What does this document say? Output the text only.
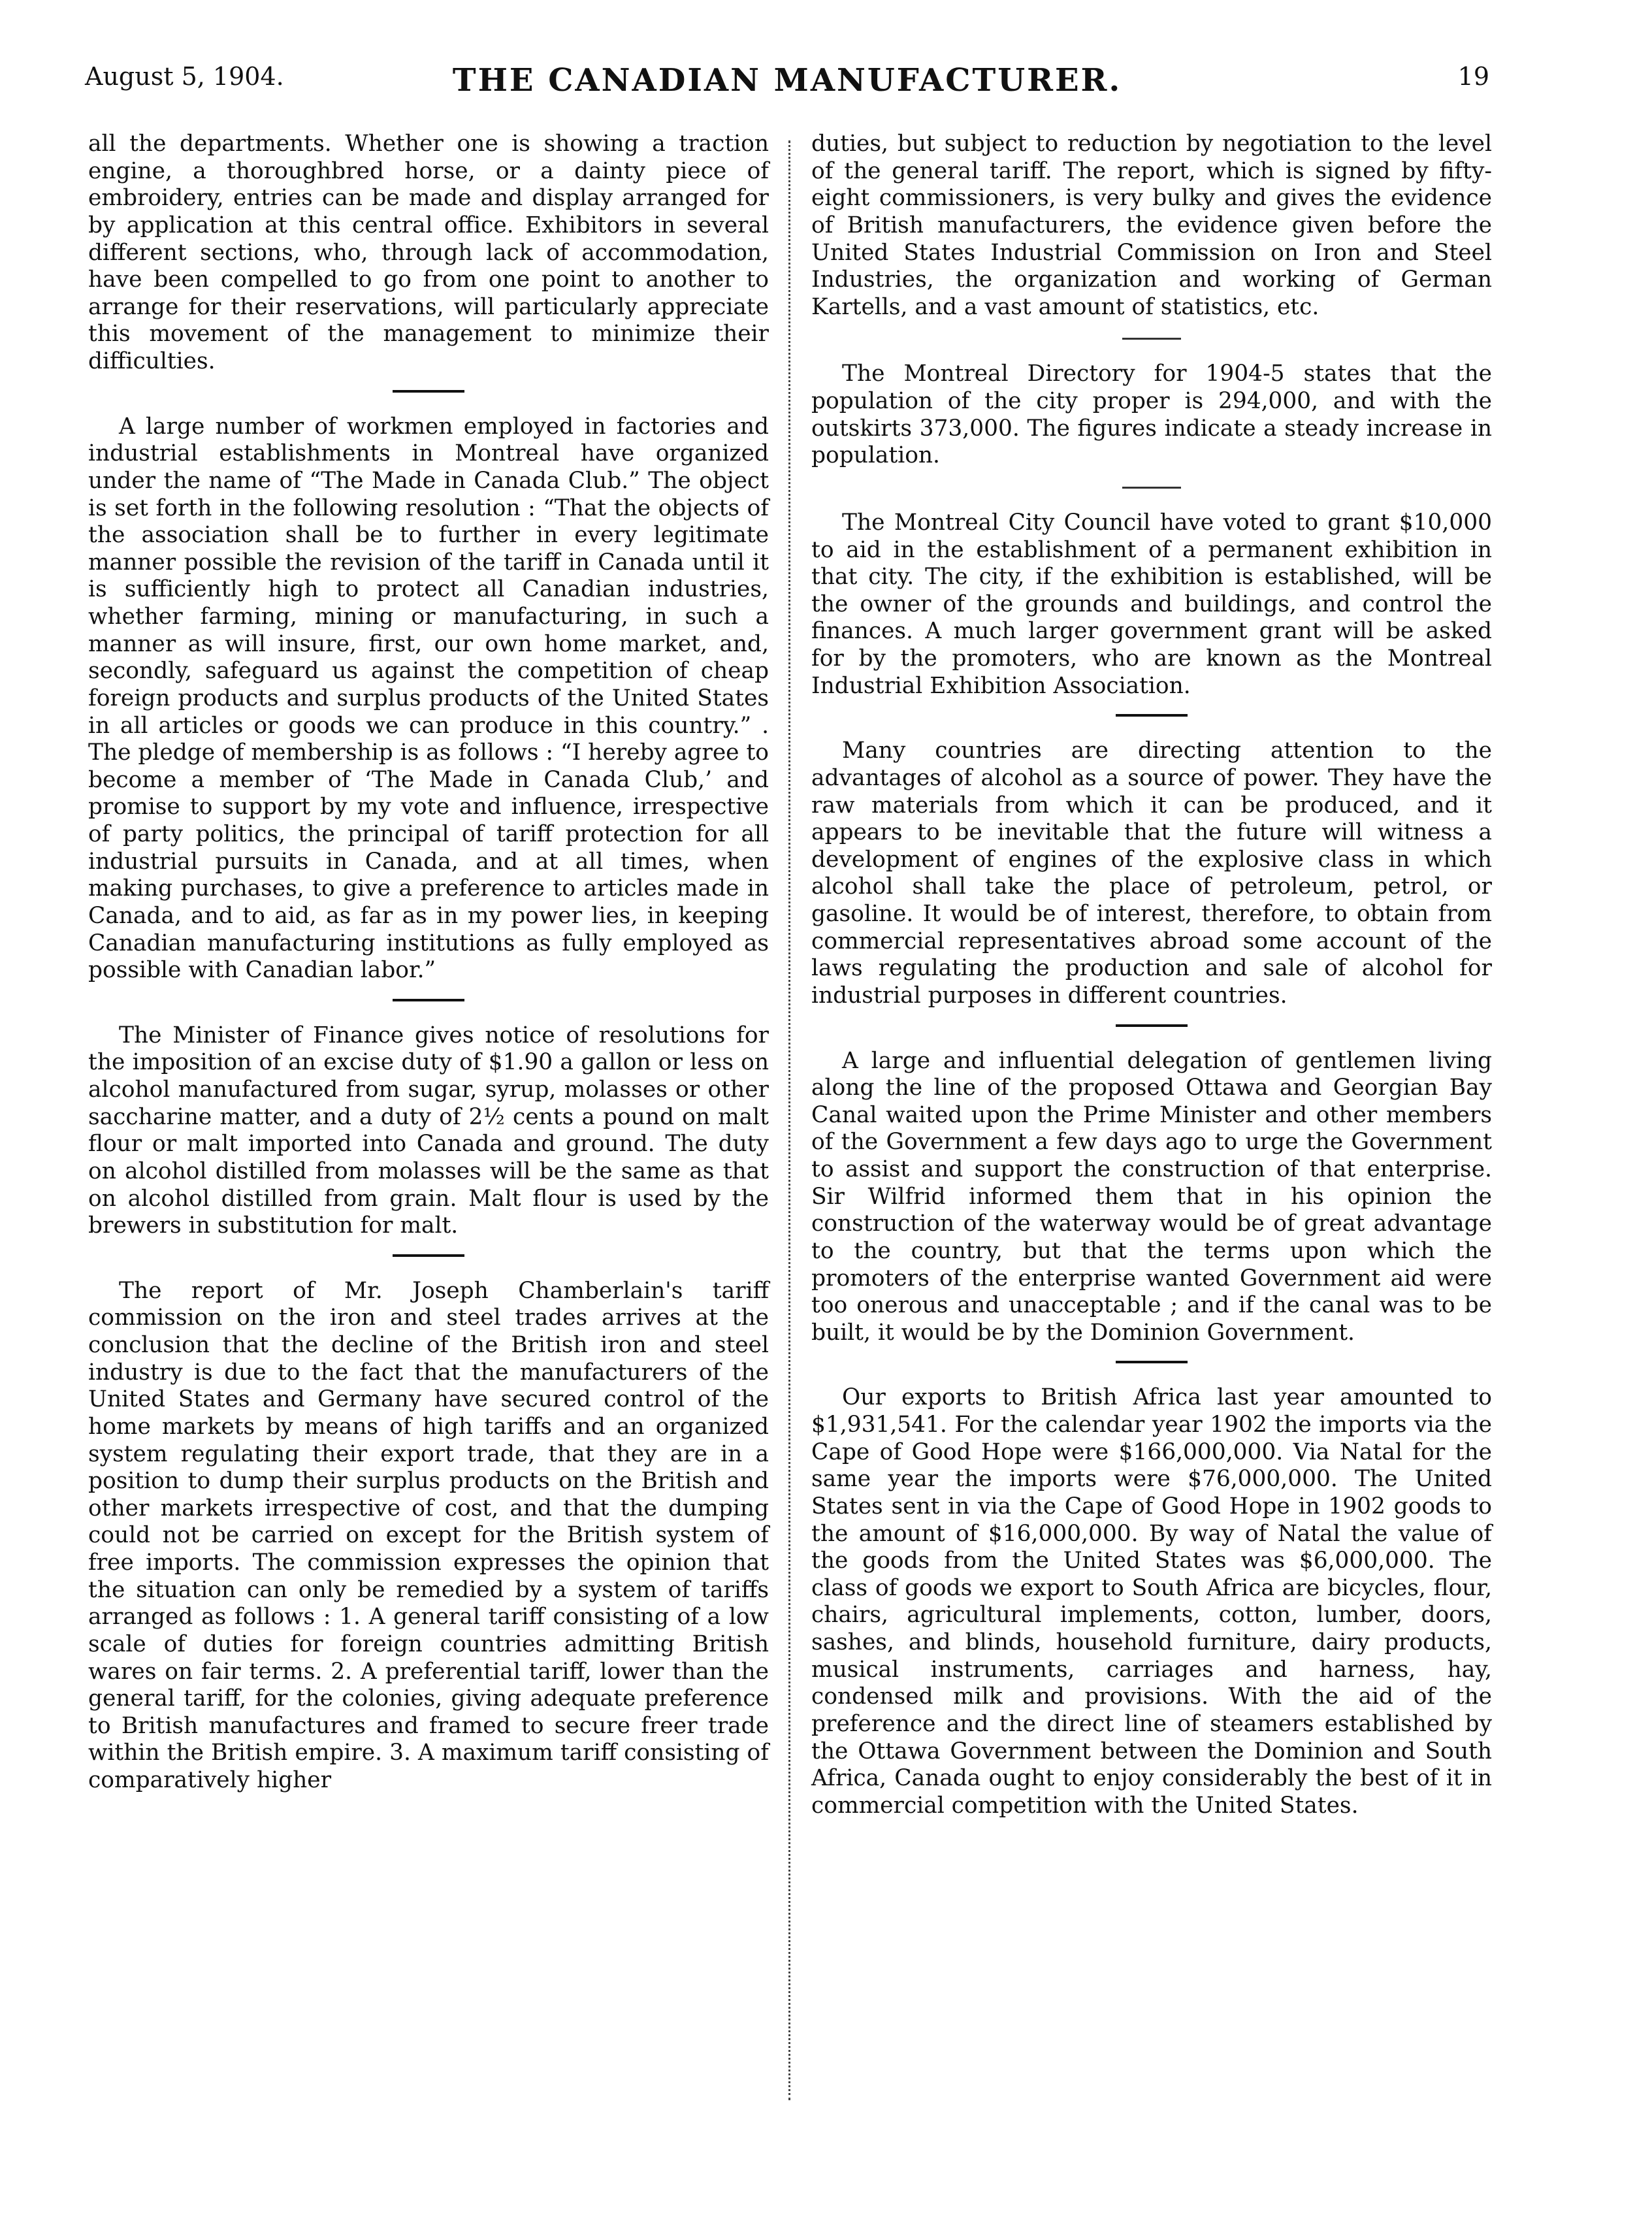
August 5, 1904.	THE CANADIAN MANUFACTURER.	19

all the departments. Whether one is showing a traction engine, a thoroughbred horse, or a dainty piece of embroidery, entries can be made and display arranged for by application at this central office. Exhibitors in several different sections, who, through lack of accommodation, have been compelled to go from one point to another to arrange for their reservations, will particularly appreciate this movement of the management to minimize their difficulties.

A large number of workmen employed in factories and industrial establishments in Montreal have organized under the name of “The Made in Canada Club.” The object is set forth in the following resolution : “That the objects of the association shall be to further in every legitimate manner possible the revision of the tariff in Canada until it is sufficiently high to protect all Canadian industries, whether farming, mining or manufacturing, in such a manner as will insure, first, our own home market, and, secondly, safeguard us against the competition of cheap foreign products and surplus products of the United States in all articles or goods we can produce in this country.” . The pledge of membership is as follows : “I hereby agree to become a member of ‘The Made in Canada Club,’ and promise to support by my vote and influence, irrespective of party politics, the principal of tariff protection for all industrial pursuits in Canada, and at all times, when making purchases, to give a preference to articles made in Canada, and to aid, as far as in my power lies, in keeping Canadian manufacturing institutions as fully employed as possible with Canadian labor.”

The Minister of Finance gives notice of resolutions for the imposition of an excise duty of $1.90 a gallon or less on alcohol manufactured from sugar, syrup, molasses or other saccharine matter, and a duty of 2½ cents a pound on malt flour or malt imported into Canada and ground. The duty on alcohol distilled from molasses will be the same as that on alcohol distilled from grain. Malt flour is used by the brewers in substitution for malt.

The report of Mr. Joseph Chamberlain's tariff commission on the iron and steel trades arrives at the conclusion that the decline of the British iron and steel industry is due to the fact that the manufacturers of the United States and Germany have secured control of the home markets by means of high tariffs and an organized system regulating their export trade, that they are in a position to dump their surplus products on the British and other markets irrespective of cost, and that the dumping could not be carried on except for the British system of free imports. The commission expresses the opinion that the situation can only be remedied by a system of tariffs arranged as follows : 1. A general tariff consisting of a low scale of duties for foreign countries admitting British wares on fair terms. 2. A preferential tariff, lower than the general tariff, for the colonies, giving adequate preference to British manufactures and framed to secure freer trade within the British empire. 3. A maximum tariff consisting of comparatively higher

duties, but subject to reduction by negotiation to the level of the general tariff. The report, which is signed by fifty-eight commissioners, is very bulky and gives the evidence of British manufacturers, the evidence given before the United States Industrial Commission on Iron and Steel Industries, the organization and working of German Kartells, and a vast amount of statistics, etc.

The Montreal Directory for 1904-5 states that the population of the city proper is 294,000, and with the outskirts 373,000. The figures indicate a steady increase in population.

The Montreal City Council have voted to grant $10,000 to aid in the establishment of a permanent exhibition in that city. The city, if the exhibition is established, will be the owner of the grounds and buildings, and control the finances. A much larger government grant will be asked for by the promoters, who are known as the Montreal Industrial Exhibition Association.

Many countries are directing attention to the advantages of alcohol as a source of power. They have the raw materials from which it can be produced, and it appears to be inevitable that the future will witness a development of engines of the explosive class in which alcohol shall take the place of petroleum, petrol, or gasoline. It would be of interest, therefore, to obtain from commercial representatives abroad some account of the laws regulating the production and sale of alcohol for industrial purposes in different countries.

A large and influential delegation of gentlemen living along the line of the proposed Ottawa and Georgian Bay Canal waited upon the Prime Minister and other members of the Government a few days ago to urge the Government to assist and support the construction of that enterprise. Sir Wilfrid informed them that in his opinion the construction of the waterway would be of great advantage to the country, but that the terms upon which the promoters of the enterprise wanted Government aid were too onerous and unacceptable ; and if the canal was to be built, it would be by the Dominion Government.

Our exports to British Africa last year amounted to $1,931,541. For the calendar year 1902 the imports via the Cape of Good Hope were $166,000,000. Via Natal for the same year the imports were $76,000,000. The United States sent in via the Cape of Good Hope in 1902 goods to the amount of $16,000,000. By way of Natal the value of the goods from the United States was $6,000,000. The class of goods we export to South Africa are bicycles, flour, chairs, agricultural implements, cotton, lumber, doors, sashes, and blinds, household furniture, dairy products, musical instruments, carriages and harness, hay, condensed milk and provisions. With the aid of the preference and the direct line of steamers established by the Ottawa Government between the Dominion and South Africa, Canada ought to enjoy considerably the best of it in commercial competition with the United States.
